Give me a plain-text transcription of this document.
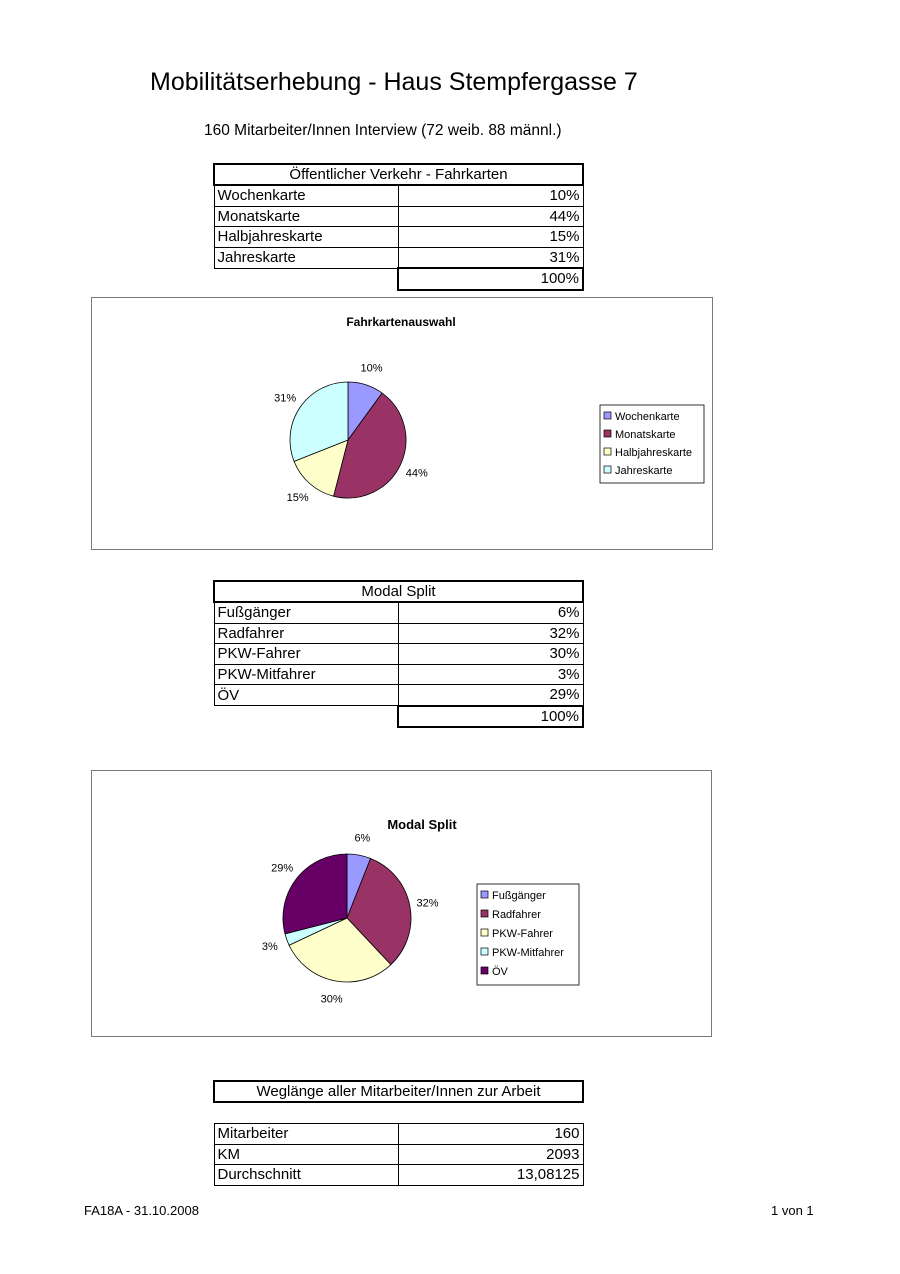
Mobilitätserhebung - Haus Stempfergasse 7
160 Mitarbeiter/Innen Interview (72 weib. 88 männl.)
Öffentlicher Verkehr - Fahrkarten	
Wochenkarte	10%
Monatskarte	44%
Halbjahreskarte	15%
Jahreskarte	31%
	100%
Fahrkartenauswahl
10%
44%
15%
31%
Wochenkarte
Monatskarte
Halbjahreskarte
Jahreskarte
Modal Split	
Fußgänger	6%
Radfahrer	32%
PKW-Fahrer	30%
PKW-Mitfahrer	3%
ÖV	29%
	100%
Modal Split
6%
32%
30%
3%
29%
Fußgänger
Radfahrer
PKW-Fahrer
PKW-Mitfahrer
ÖV
Weglänge aller Mitarbeiter/Innen zur Arbeit	

Mitarbeiter	160
KM	2093
Durchschnitt	13,08125
FA18A - 31.10.2008	1 von 1
